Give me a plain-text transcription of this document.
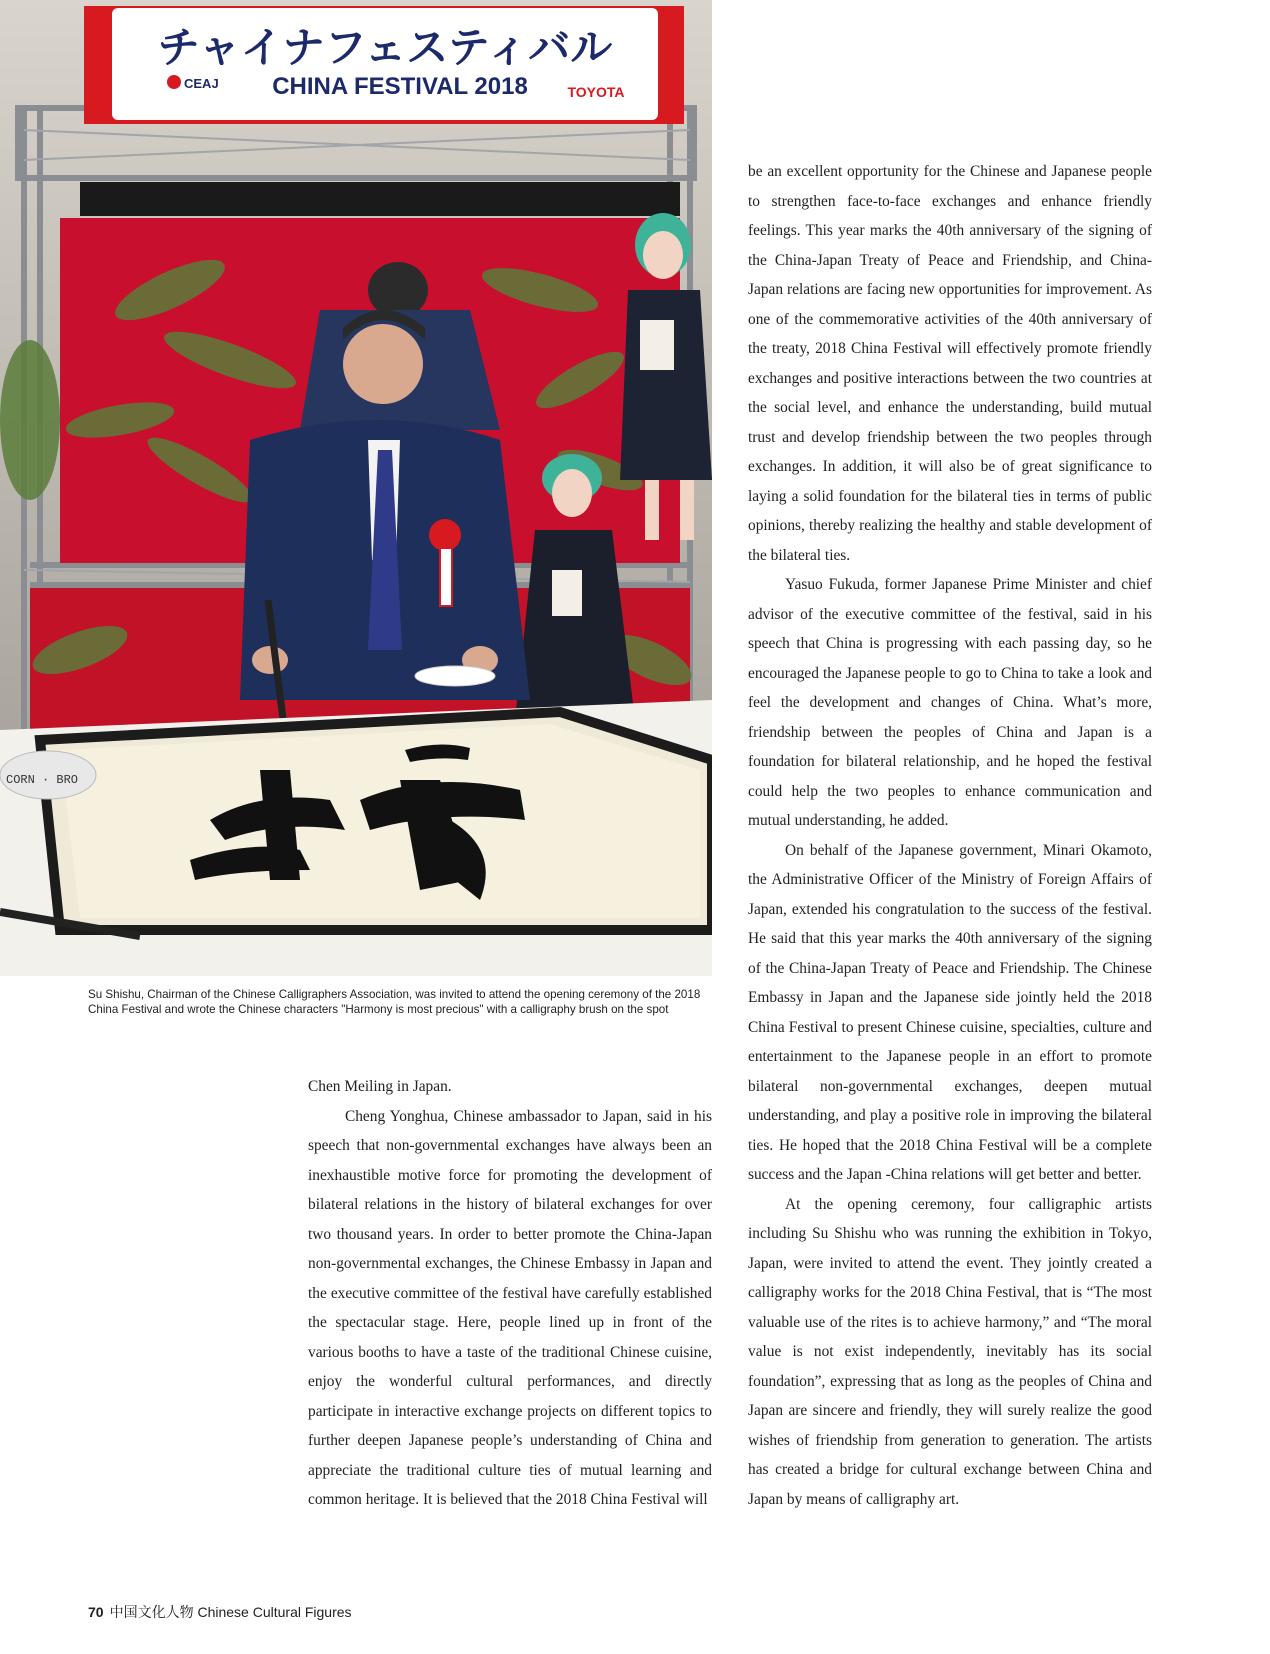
CORN · BRO
チャイナフェスティバル
CEAJ CHINA FESTIVAL 2018	TOYOTA

Su Shishu, Chairman of the Chinese Calligraphers Association, was invited to attend the opening ceremony of the 2018 China Festival and wrote the Chinese characters "Harmony is most precious" with a calligraphy brush on the spot

Chen Meiling in Japan.

Cheng Yonghua, Chinese ambassador to Japan, said in his speech that non-governmental exchanges have always been an inexhaustible motive force for promoting the development of bilateral relations in the history of bilateral exchanges for over two thousand years. In order to better promote the China-Japan non-governmental exchanges, the Chinese Embassy in Japan and the executive committee of the festival have carefully established the spectacular stage. Here, people lined up in front of the various booths to have a taste of the traditional Chinese cuisine, enjoy the wonderful cultural performances, and directly participate in interactive exchange projects on different topics to further deepen Japanese people’s understanding of China and appreciate the traditional culture ties of mutual learning and common heritage. It is believed that the 2018 China Festival will

be an excellent opportunity for the Chinese and Japanese people to strengthen face-to-face exchanges and enhance friendly feelings. This year marks the 40th anniversary of the signing of the China-Japan Treaty of Peace and Friendship, and China-Japan relations are facing new opportunities for improvement. As one of the commemorative activities of the 40th anniversary of the treaty, 2018 China Festival will effectively promote friendly exchanges and positive interactions between the two countries at the social level, and enhance the understanding, build mutual trust and develop friendship between the two peoples through exchanges. In addition, it will also be of great significance to laying a solid foundation for the bilateral ties in terms of public opinions, thereby realizing the healthy and stable development of the bilateral ties.

Yasuo Fukuda, former Japanese Prime Minister and chief advisor of the executive committee of the festival, said in his speech that China is progressing with each passing day, so he encouraged the Japanese people to go to China to take a look and feel the development and changes of China. What’s more, friendship between the peoples of China and Japan is a foundation for bilateral relationship, and he hoped the festival could help the two peoples to enhance communication and mutual understanding, he added.

On behalf of the Japanese government, Minari Okamoto, the Administrative Officer of the Ministry of Foreign Affairs of Japan, extended his congratulation to the success of the festival. He said that this year marks the 40th anniversary of the signing of the China-Japan Treaty of Peace and Friendship. The Chinese Embassy in Japan and the Japanese side jointly held the 2018 China Festival to present Chinese cuisine, specialties, culture and entertainment to the Japanese people in an effort to promote bilateral non-governmental exchanges, deepen mutual understanding, and play a positive role in improving the bilateral ties. He hoped that the 2018 China Festival will be a complete success and the Japan -China relations will get better and better.

At the opening ceremony, four calligraphic artists including Su Shishu who was running the exhibition in Tokyo, Japan, were invited to attend the event. They jointly created a calligraphy works for the 2018 China Festival, that is “The most valuable use of the rites is to achieve harmony,” and “The moral value is not exist independently, inevitably has its social foundation”, expressing that as long as the peoples of China and Japan are sincere and friendly, they will surely realize the good wishes of friendship from generation to generation. The artists has created a bridge for cultural exchange between China and Japan by means of calligraphy art.

70 中国文化人物 Chinese Cultural Figures
